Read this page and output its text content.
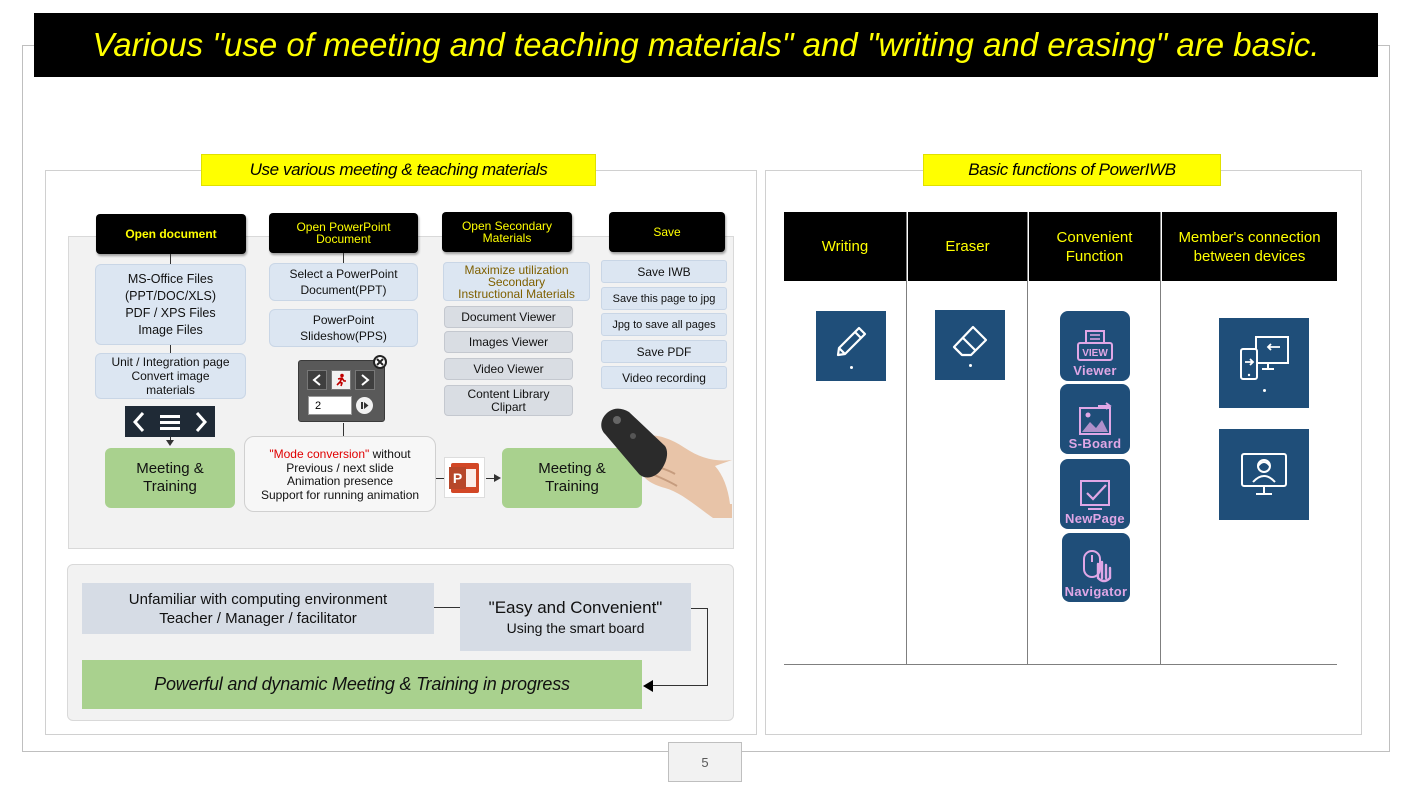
Various "use of meeting and teaching materials" and "writing and erasing" are basic.
Use various meeting & teaching materials
Open document	Open PowerPoint
Document
Open Secondary
Materials	Save
MS-Office Files
(PPT/DOC/XLS)
PDF / XPS Files
Image Files
Unit / Integration page
Convert image
materials
Meeting &
Training
Select a PowerPoint
Document(PPT)
PowerPoint
Slideshow(PPS)
2
"Mode conversion" without
Previous / next slide
Animation presence
Support for running animation
P
Meeting &
Training
Maximize utilization
Secondary
Instructional Materials
Document Viewer
Images Viewer
Video Viewer
Content Library
Clipart
Save IWB
Save this page to jpg
Jpg to save all pages
Save PDF
Video recording
Unfamiliar with computing environment
Teacher / Manager / facilitator
"Easy and Convenient"
Using the smart board
Powerful and dynamic Meeting & Training in progress
Basic functions of PowerIWB
Writing	Eraser
Convenient
Function
Member's connection
between devices
VIEW
Viewer
S-Board
NewPage
Navigator
5
